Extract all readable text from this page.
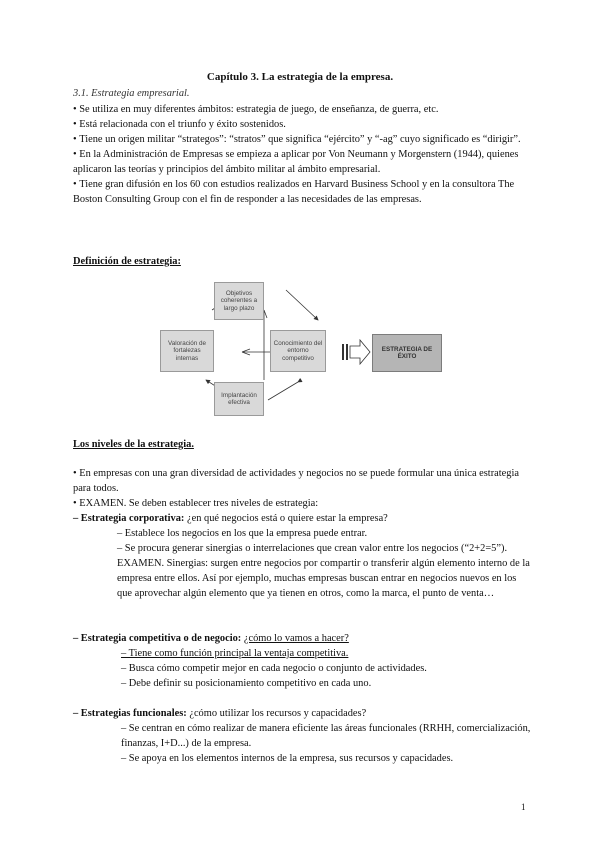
Capítulo 3. La estrategia de la empresa.
3.1. Estrategia empresarial.

• Se utiliza en muy diferentes ámbitos: estrategia de juego, de enseñanza, de guerra, etc.

• Está relacionada con el triunfo y éxito sostenidos.

• Tiene un origen militar “strategos”: “stratos” que significa “ejército” y “-ag” cuyo significado es “dirigir”.

• En la Administración de Empresas se empieza a aplicar por Von Neumann y Morgenstern (1944), quienes aplicaron las teorías y principios del ámbito militar al ámbito empresarial.

• Tiene gran difusión en los 60 con estudios realizados en Harvard Business School y en la consultora The Boston Consulting Group con el fin de responder a las necesidades de las empresas.

Definición de estrategia:
Objetivos coherentes a largo plazo
Valoración de fortalezas internas
Conocimiento del entorno competitivo
Implantación efectiva
ESTRATEGIA DE ÉXITO
Los niveles de la estrategia.

• En empresas con una gran diversidad de actividades y negocios no se puede formular una única estrategia para todos.

• EXAMEN. Se deben establecer tres niveles de estrategia:

– Estrategia corporativa: ¿en qué negocios está o quiere estar la empresa?

– Establece los negocios en los que la empresa puede entrar.

– Se procura generar sinergias o interrelaciones que crean valor entre los negocios (“2+2=5”). EXAMEN. Sinergias: surgen entre negocios por compartir o transferir algún elemento interno de la empresa entre ellos. Así por ejemplo, muchas empresas buscan entrar en negocios nuevos en los que aprovechar algún elemento que ya tienen en otros, como la marca, el punto de venta…

– Estrategia competitiva o de negocio: ¿cómo lo vamos a hacer?

– Tiene como función principal la ventaja competitiva.

– Busca cómo competir mejor en cada negocio o conjunto de actividades.

– Debe definir su posicionamiento competitivo en cada uno.

– Estrategias funcionales: ¿cómo utilizar los recursos y capacidades?

– Se centran en cómo realizar de manera eficiente las áreas funcionales (RRHH, comercialización, finanzas, I+D...) de la empresa.

– Se apoya en los elementos internos de la empresa, sus recursos y capacidades.

1
